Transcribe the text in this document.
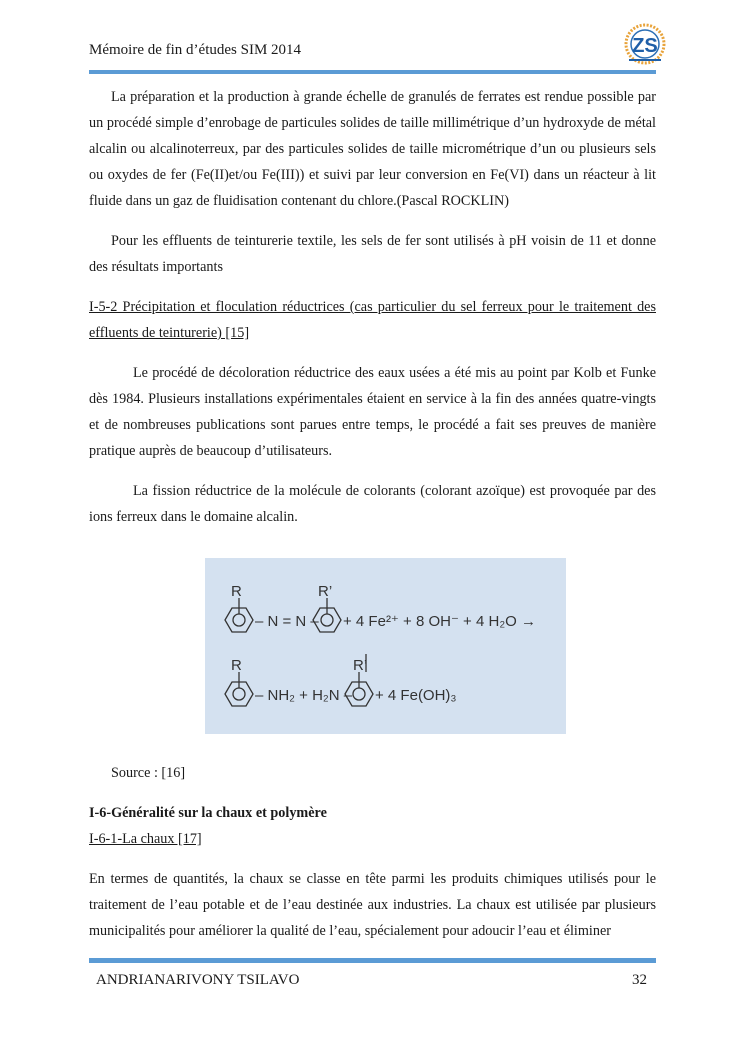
Mémoire de fin d’études SIM 2014	ZS

La préparation et la production à grande échelle de granulés de ferrates est rendue possible par un procédé simple d’enrobage de particules solides de taille millimétrique d’un hydroxyde de métal alcalin ou alcalinoterreux, par des particules solides de taille micrométrique d’un ou plusieurs sels ou oxydes de fer (Fe(II)et/ou Fe(III)) et suivi par leur conversion en Fe(VI) dans un réacteur à lit fluide dans un gaz de fluidisation contenant du chlore.(Pascal ROCKLIN)

Pour les effluents de teinturerie textile, les sels de fer sont utilisés à pH voisin de 11 et donne des résultats importants

I-5-2 Précipitation et floculation réductrices (cas particulier du sel ferreux pour le traitement des effluents de teinturerie) [15]

Le procédé de décoloration réductrice des eaux usées a été mis au point par Kolb et Funke dès 1984. Plusieurs installations expérimentales étaient en service à la fin des années quatre-vingts et de nombreuses publications sont parues entre temps, le procédé a fait ses preuves de manière pratique auprès de beaucoup d’utilisateurs.

La fission réductrice de la molécule de colorants (colorant azoïque) est provoquée par des ions ferreux dans le domaine alcalin.

R	R’
– N = N – + 4 Fe²⁺ + 8 OH⁻ + 4 H₂O →
R	R’
– NH₂ + H₂N – + 4 Fe(OH)₃

Source : [16]

I-6-Généralité sur la chaux et polymère

I-6-1-La chaux [17]

En termes de quantités, la chaux se classe en tête parmi les produits chimiques utilisés pour le traitement de l’eau potable et de l’eau destinée aux industries. La chaux est utilisée par plusieurs municipalités pour améliorer la qualité de l’eau, spécialement pour adoucir l’eau et éliminer

ANDRIANARIVONY TSILAVO	32
